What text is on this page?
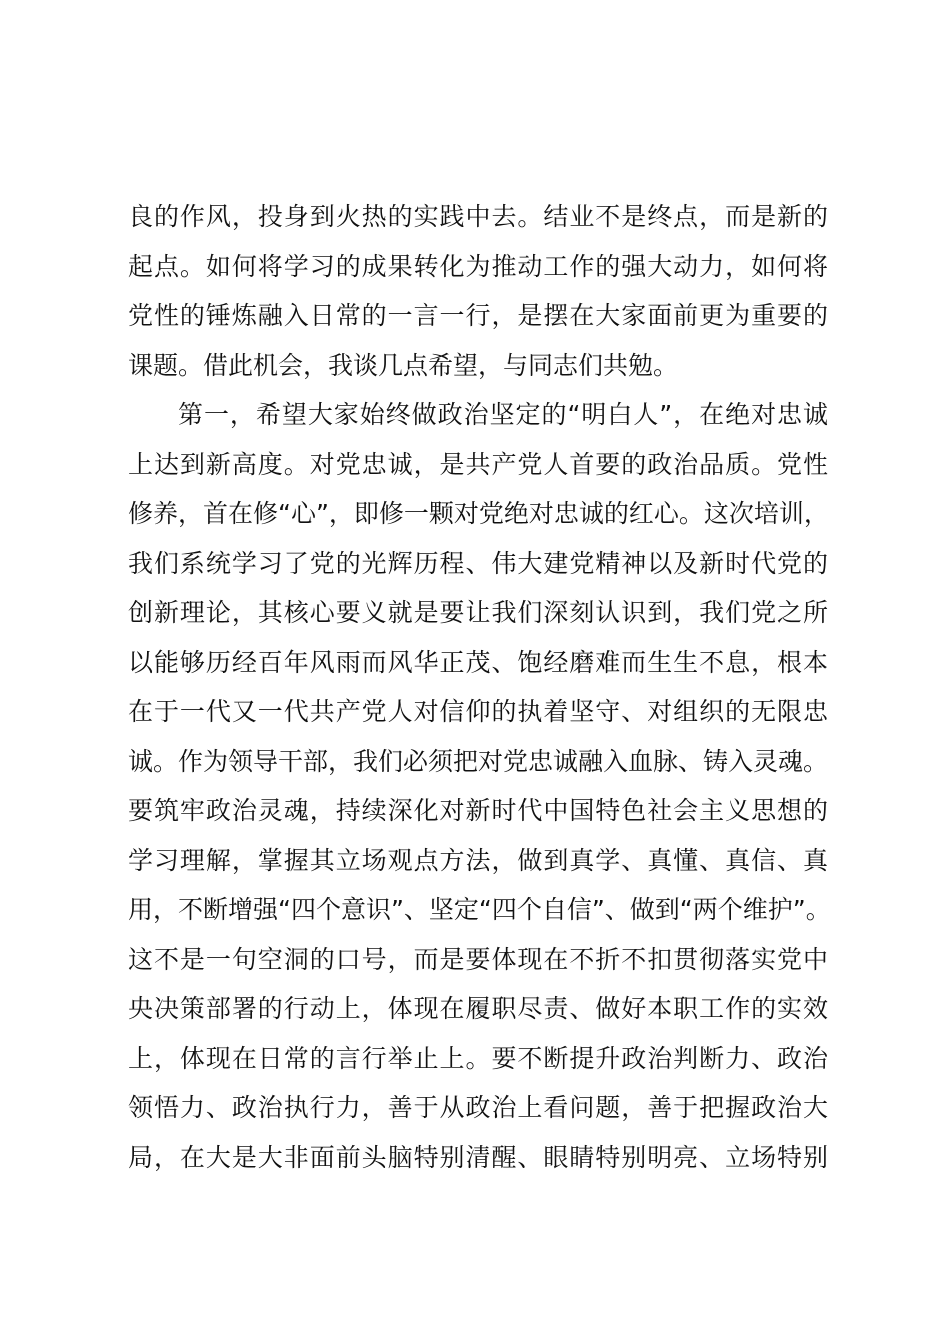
良的作风，投身到火热的实践中去。结业不是终点，而是新的
起点。如何将学习的成果转化为推动工作的强大动力，如何将
党性的锤炼融入日常的一言一行，是摆在大家面前更为重要的
课题。借此机会，我谈几点希望，与同志们共勉。
第一，希望大家始终做政治坚定的“明白人”，在绝对忠诚
上达到新高度。对党忠诚，是共产党人首要的政治品质。党性
修养，首在修“心”，即修一颗对党绝对忠诚的红心。这次培训，
我们系统学习了党的光辉历程、伟大建党精神以及新时代党的
创新理论，其核心要义就是要让我们深刻认识到，我们党之所
以能够历经百年风雨而风华正茂、饱经磨难而生生不息，根本
在于一代又一代共产党人对信仰的执着坚守、对组织的无限忠
诚。作为领导干部，我们必须把对党忠诚融入血脉、铸入灵魂。
要筑牢政治灵魂，持续深化对新时代中国特色社会主义思想的
学习理解，掌握其立场观点方法，做到真学、真懂、真信、真
用，不断增强“四个意识”、坚定“四个自信”、做到“两个维护”。
这不是一句空洞的口号，而是要体现在不折不扣贯彻落实党中
央决策部署的行动上，体现在履职尽责、做好本职工作的实效
上，体现在日常的言行举止上。要不断提升政治判断力、政治
领悟力、政治执行力，善于从政治上看问题，善于把握政治大
局，在大是大非面前头脑特别清醒、眼睛特别明亮、立场特别
